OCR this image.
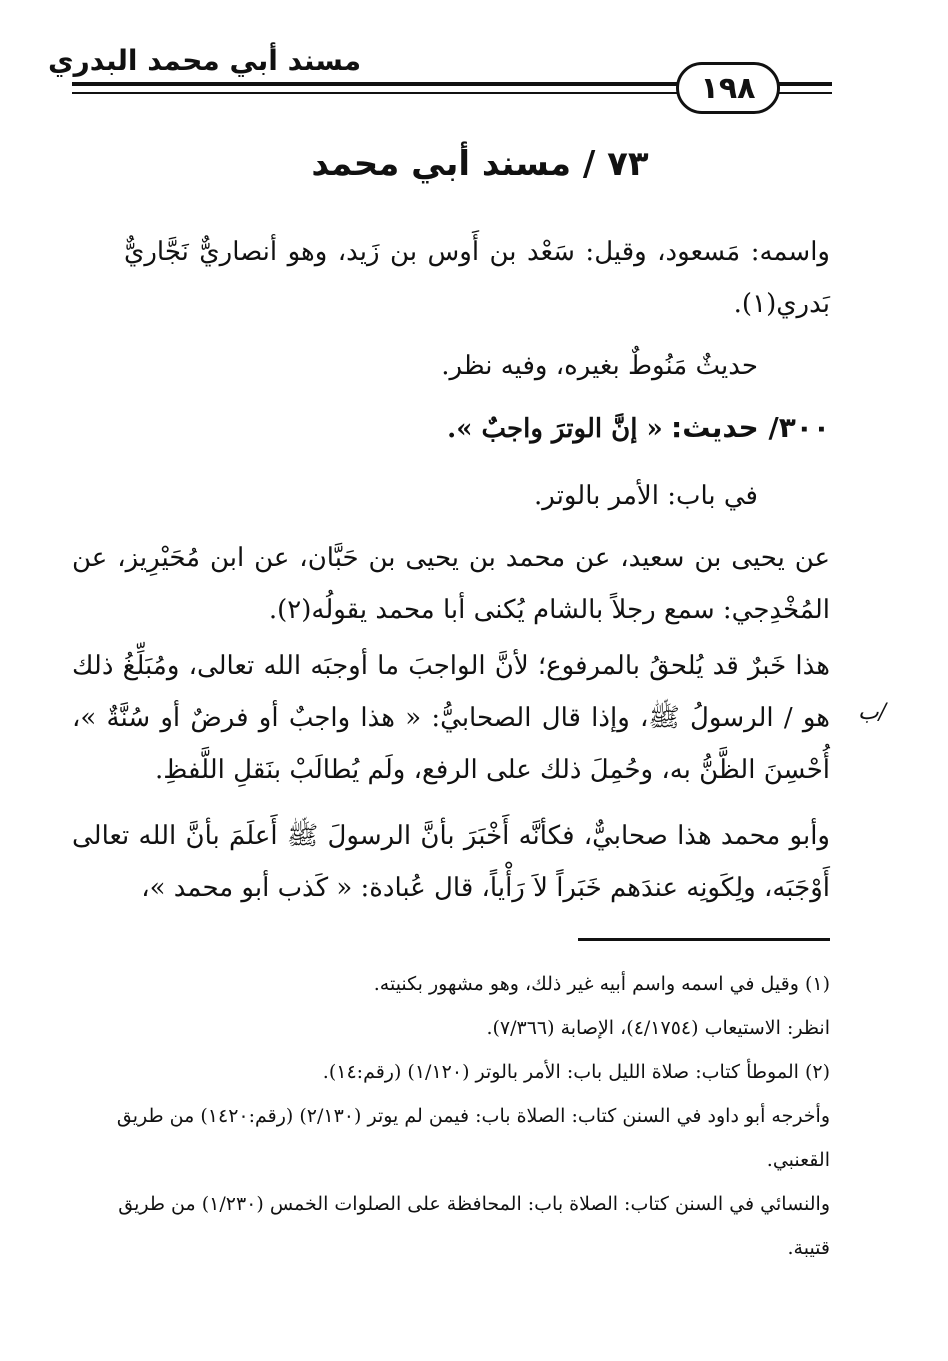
مسند أبي محمد البدري
١٩٨
٧٣ / مسند أبي محمد
واسمه: مَسعود، وقيل: سَعْد بن أَوس بن زَيد، وهو أنصاريٌّ نَجَّاريٌّ بَدري(١).
حديثٌ مَنُوطٌ بغيره، وفيه نظر.
٣٠٠/ حديث: « إنَّ الوترَ واجبٌ ».
في باب: الأمر بالوتر.
عن يحيى بن سعيد، عن محمد بن يحيى بن حَبَّان، عن ابن مُحَيْرِيز، عن المُخْدِجي: سمع رجلاً بالشام يُكنى أبا محمد يقولُه(٢).
هذا خَبرٌ قد يُلحقُ بالمرفوع؛ لأنَّ الواجبَ ما أوجبَه الله تعالى، ومُبَلِّغُ ذلك هو / الرسولُ ﷺ، وإذا قال الصحابيُّ: « هذا واجبٌ أو فرضٌ أو سُنَّةٌ »، أُحْسِنَ الظَّنُّ به، وحُمِلَ ذلك على الرفع، ولَم يُطالَبْ بنَقلِ اللَّفظِ.
/ب
وأبو محمد هذا صحابيٌّ، فكأنَّه أَخْبَرَ بأنَّ الرسولَ ﷺ أَعلَمَ بأنَّ الله تعالى أَوْجَبَه، ولِكَونِه عندَهم خَبَراً لاَ رَأْياً، قال عُبادة: « كَذب أبو محمد »،

(١) وقيل في اسمه واسم أبيه غير ذلك، وهو مشهور بكنيته.

انظر: الاستيعاب (٤/١٧٥٤)، الإصابة (٧/٣٦٦).

(٢) الموطأ كتاب: صلاة الليل باب: الأمر بالوتر (١/١٢٠) (رقم:١٤).

وأخرجه أبو داود في السنن كتاب: الصلاة باب: فيمن لم يوتر (٢/١٣٠) (رقم:١٤٢٠) من طريق القعنبي.

والنسائي في السنن كتاب: الصلاة باب: المحافظة على الصلوات الخمس (١/٢٣٠) من طريق قتيبة.
